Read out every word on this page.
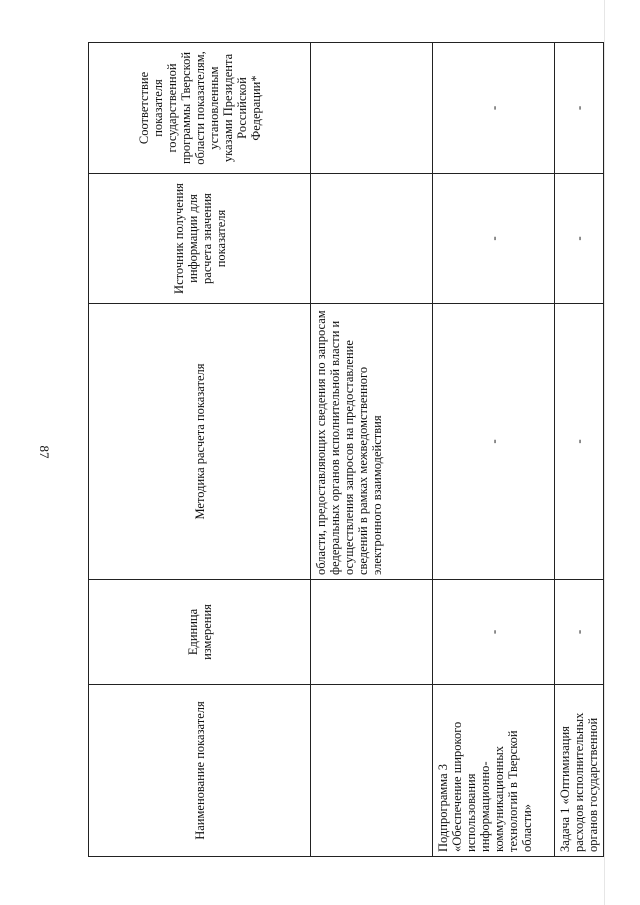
87
Наименование показателя	Единица измерения	Методика расчета показателя	Источник получения информации для расчета значения показателя	Соответствие показателя государственной программы Тверской области показателям, установленным указами Президента Российской Федерации*
		области, предоставляющих сведения по запросам федеральных органов исполнительной власти и осуществления запросов на предоставление сведений в рамках межведомственного электронного взаимодействия		
Подпрограмма 3 «Обеспечение широкого использования информационно-коммуникационных технологий в Тверской области»	-	-	-	-
Задача 1 «Оптимизация расходов исполнительных органов государственной	-	-	-	-
